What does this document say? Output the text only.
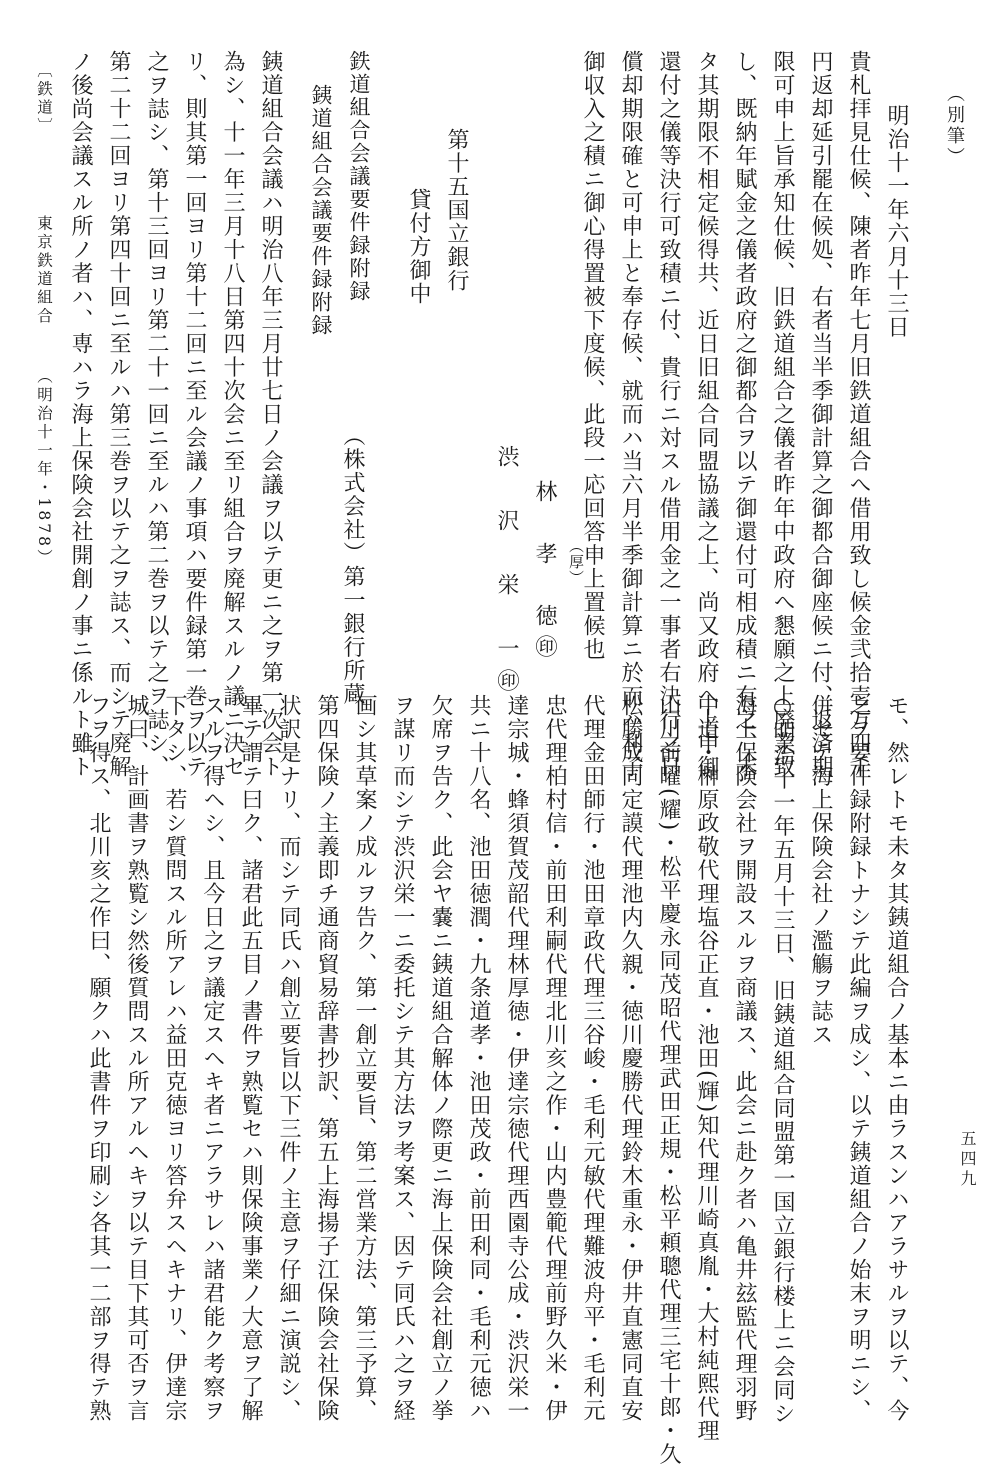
（別筆）
明治十一年六月十三日
貴札拝見仕候、陳者昨年七月旧鉄道組合へ借用致し候金弐拾壱万四千
円返却延引罷在候処、右者当半季御計算之御都合御座候ニ付、返済期
限可申上旨承知仕候、旧鉄道組合之儀者昨年中政府へ懇願之上廃業致
し、既納年賦金之儀者政府之御都合ヲ以テ御還付可相成積ニ有之、未
タ其期限不相定候得共、近日旧組合同盟協議之上、尚又政府へ上申御
還付之儀等決行可致積ニ付、貴行ニ対スル借用金之一事者右決行之日
償却期限確と可申上と奉存候、就而ハ当六月半季御計算ニ於而ハ利子
御収入之積ニ御心得置被下度候、此段一応回答申上置候也
（厚）
林　孝　徳㊞
渋　沢　栄　一㊞
第十五国立銀行
貸付方御中
（株式会社）第一銀行所蔵
鉄道組合会議要件録附録
銕道組合会議要件録附録
銕道組合会議ハ明治八年三月廿七日ノ会議ヲ以テ更ニ之ヲ第一次会ト
為シ、十一年三月十八日第四十次会ニ至リ組合ヲ廃解スルノ議ニ決セ
リ、則其第一回ヨリ第十二回ニ至ル会議ノ事項ハ要件録第一巻ヲ以テ
之ヲ誌シ、第十三回ヨリ第二十一回ニ至ルハ第二巻ヲ以テ之ヲ誌シ、
第二十二回ヨリ第四十回ニ至ルハ第三巻ヲ以テ之ヲ誌ス、而シテ廃解
ノ後尚会議スル所ノ者ハ、専ハラ海上保険会社開創ノ事ニ係ルト雖ト
〔鉄道〕
東京鉄道組合
（明治十一年・1878）
モ、然レトモ未タ其銕道組合ノ基本ニ由ラスンハアラサルヲ以テ、今
之ヲ要件録附録トナシテ此編ヲ成シ、以テ銕道組合ノ始末ヲ明ニシ、
併セテ海上保険会社ノ濫觴ヲ誌ス
○明治十一年五月十三日、旧銕道組合同盟第一国立銀行楼上ニ会同シ
海上保険会社ヲ開設スルヲ商議ス、此会ニ赴ク者ハ亀井玆監代理羽野
中道・榊原政敬代理塩谷正直・池田(輝)知代理川崎真胤・大村純熙代理
山川前曜(耀)・松平慶永同茂昭代理武田正規・松平頼聰代理三宅十郎・久
松勝成同定謨代理池内久親・徳川慶勝代理鈴木重永・伊井直憲同直安
代理金田師行・池田章政代理三谷峻・毛利元敏代理難波舟平・毛利元
忠代理柏村信・前田利嗣代理北川亥之作・山内豊範代理前野久米・伊
達宗城・蜂須賀茂韶代理林厚徳・伊達宗徳代理西園寺公成・渋沢栄一
共ニ十八名、池田徳潤・九条道孝・池田茂政・前田利同・毛利元徳ハ
欠席ヲ告ク、此会ヤ嚢ニ銕道組合解体ノ際更ニ海上保険会社創立ノ挙
ヲ謀リ而シテ渋沢栄一ニ委托シテ其方法ヲ考案ス、因テ同氏ハ之ヲ経
画シ其草案ノ成ルヲ告ク、第一創立要旨、第二営業方法、第三予算、
第四保険ノ主義即チ通商貿易辞書抄訳、第五上海揚子江保険会社保険
状訳是ナリ、而シテ同氏ハ創立要旨以下三件ノ主意ヲ仔細ニ演説シ、
畢テ謂テ曰ク、諸君此五目ノ書件ヲ熟覧セハ則保険事業ノ大意ヲ了解
スルヲ得ヘシ、且今日之ヲ議定スヘキ者ニアラサレハ諸君能ク考察ヲ
下タシ、若シ質問スル所アレハ益田克徳ヨリ答弁スヘキナリ、伊達宗
城曰、計画書ヲ熟覧シ然後質問スル所アルヘキヲ以テ目下其可否ヲ言
フヲ得ス、北川亥之作曰、願クハ此書件ヲ印刷シ各其一二部ヲ得テ熟	五四九
